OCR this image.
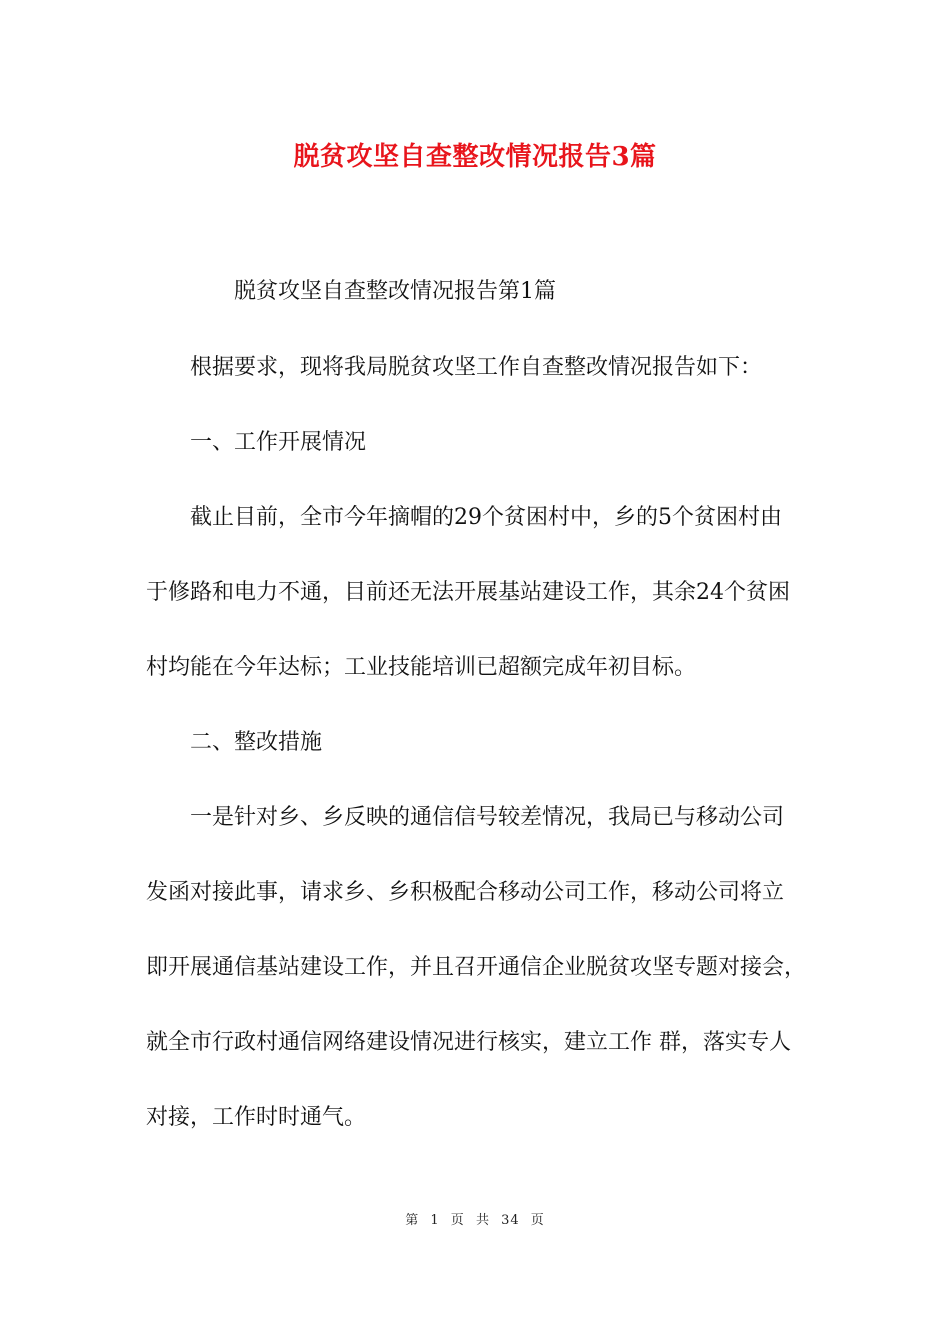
脱贫攻坚自查整改情况报告3篇
脱贫攻坚自查整改情况报告第1篇
根据要求，现将我局脱贫攻坚工作自查整改情况报告如下：
一、工作开展情况
截止目前，全市今年摘帽的29个贫困村中，乡的5个贫困村由
于修路和电力不通，目前还无法开展基站建设工作，其余24个贫困
村均能在今年达标；工业技能培训已超额完成年初目标。
二、整改措施
一是针对乡、乡反映的通信信号较差情况，我局已与移动公司
发函对接此事，请求乡、乡积极配合移动公司工作，移动公司将立
即开展通信基站建设工作，并且召开通信企业脱贫攻坚专题对接会，
就全市行政村通信网络建设情况进行核实，建立工作 群，落实专人
对接，工作时时通气。
第 1 页 共 34 页
